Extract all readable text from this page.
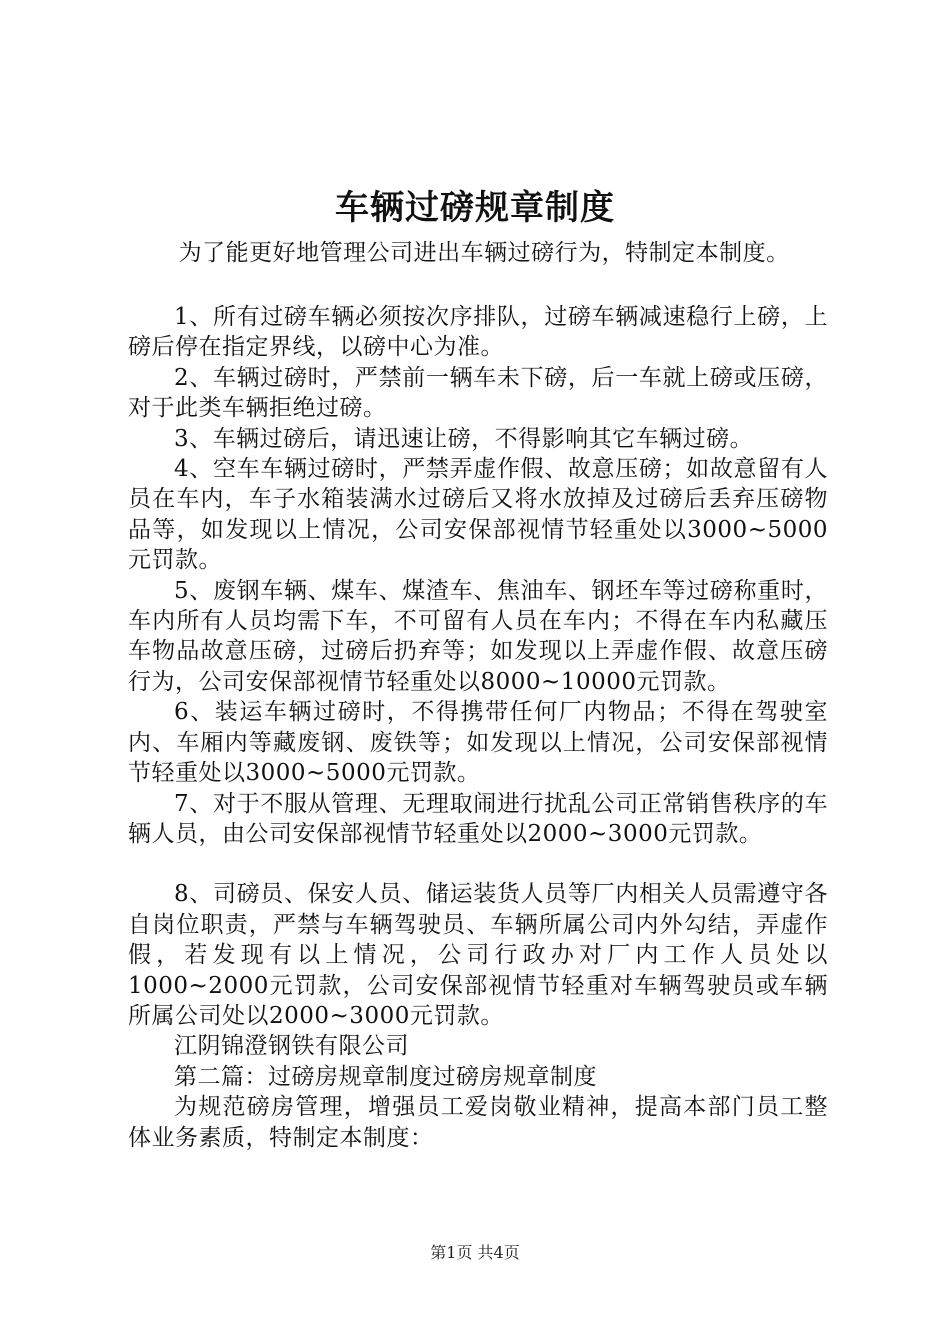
车辆过磅规章制度
为了能更好地管理公司进出车辆过磅行为，特制定本制度。

1、所有过磅车辆必须按次序排队，过磅车辆减速稳行上磅，上磅后停在指定界线，以磅中心为准。

2、车辆过磅时，严禁前一辆车未下磅，后一车就上磅或压磅，对于此类车辆拒绝过磅。

3、车辆过磅后，请迅速让磅，不得影响其它车辆过磅。

4、空车车辆过磅时，严禁弄虚作假、故意压磅；如故意留有人员在车内，车子水箱装满水过磅后又将水放掉及过磅后丢弃压磅物品等，如发现以上情况，公司安保部视情节轻重处以3000~5000元罚款。

5、废钢车辆、煤车、煤渣车、焦油车、钢坯车等过磅称重时，车内所有人员均需下车，不可留有人员在车内；不得在车内私藏压车物品故意压磅，过磅后扔弃等；如发现以上弄虚作假、故意压磅行为，公司安保部视情节轻重处以8000~10000元罚款。

6、装运车辆过磅时，不得携带任何厂内物品；不得在驾驶室内、车厢内等藏废钢、废铁等；如发现以上情况，公司安保部视情节轻重处以3000~5000元罚款。

7、对于不服从管理、无理取闹进行扰乱公司正常销售秩序的车辆人员，由公司安保部视情节轻重处以2000~3000元罚款。

8、司磅员、保安人员、储运装货人员等厂内相关人员需遵守各自岗位职责，严禁与车辆驾驶员、车辆所属公司内外勾结，弄虚作假，若发现有以上情况，公司行政办对厂内工作人员处以1000~2000元罚款，公司安保部视情节轻重对车辆驾驶员或车辆所属公司处以2000~3000元罚款。

江阴锦澄钢铁有限公司

第二篇：过磅房规章制度过磅房规章制度

为规范磅房管理，增强员工爱岗敬业精神，提高本部门员工整体业务素质，特制定本制度：

第1页 共4页
